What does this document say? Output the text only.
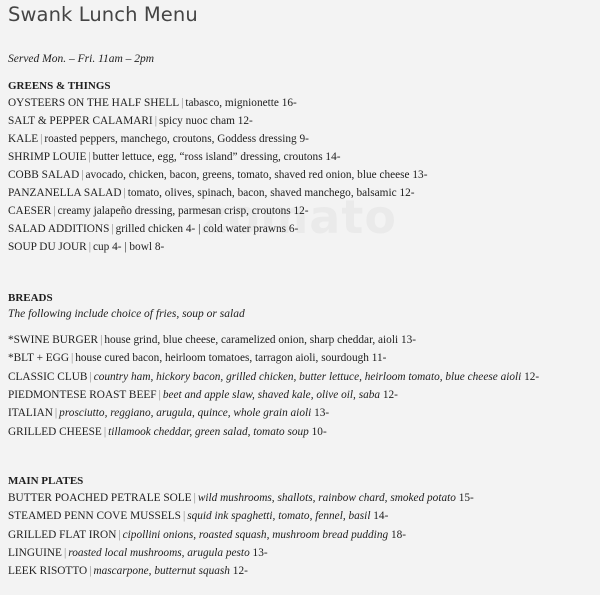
Swank Lunch Menu
Served Mon. – Fri. 11am – 2pm
GREENS & THINGS
OYSTEERS ON THE HALF SHELL | tabasco, mignionette 16-
SALT & PEPPER CALAMARI | spicy nuoc cham 12-
KALE | roasted peppers, manchego, croutons, Goddess dressing 9-
SHRIMP LOUIE | butter lettuce, egg, “ross island” dressing, croutons 14-
COBB SALAD | avocado, chicken, bacon, greens, tomato, shaved red onion, blue cheese 13-
PANZANELLA SALAD | tomato, olives, spinach, bacon, shaved manchego, balsamic 12-
CAESER | creamy jalapeño dressing, parmesan crisp, croutons 12-
SALAD ADDITIONS | grilled chicken 4- | cold water prawns 6-
SOUP DU JOUR | cup 4- | bowl 8-
BREADS
The following include choice of fries, soup or salad
*SWINE BURGER | house grind, blue cheese, caramelized onion, sharp cheddar, aioli 13-
*BLT + EGG | house cured bacon, heirloom tomatoes, tarragon aioli, sourdough 11-
CLASSIC CLUB | country ham, hickory bacon, grilled chicken, butter lettuce, heirloom tomato, blue cheese aioli 12-
PIEDMONTESE ROAST BEEF | beet and apple slaw, shaved kale, olive oil, saba 12-
ITALIAN | prosciutto, reggiano, arugula, quince, whole grain aioli 13-
GRILLED CHEESE | tillamook cheddar, green salad, tomato soup 10-
MAIN PLATES
BUTTER POACHED PETRALE SOLE | wild mushrooms, shallots, rainbow chard, smoked potato 15-
STEAMED PENN COVE MUSSELS | squid ink spaghetti, tomato, fennel, basil 14-
GRILLED FLAT IRON | cipollini onions, roasted squash, mushroom bread pudding 18-
LINGUINE | roasted local mushrooms, arugula pesto 13-
LEEK RISOTTO | mascarpone, butternut squash 12-
